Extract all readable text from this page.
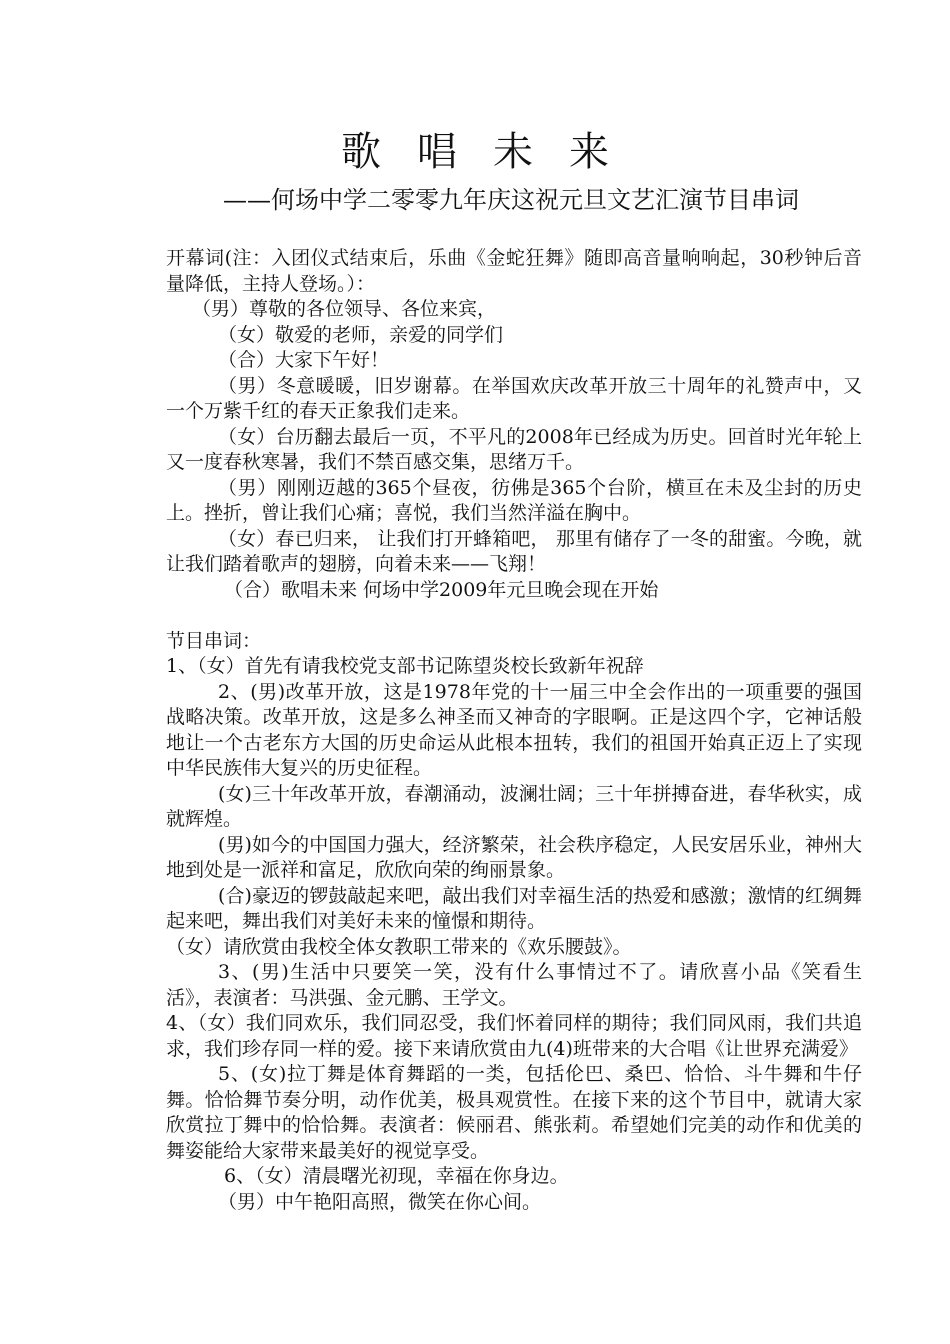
歌唱未来
——何场中学二零零九年庆这祝元旦文艺汇演节目串词

开幕词(注：入团仪式结束后，乐曲《金蛇狂舞》随即高音量响响起，30秒钟后音量降低，主持人登场。）：

（男）尊敬的各位领导、各位来宾，

（女）敬爱的老师，亲爱的同学们

（合）大家下午好！

（男）冬意暖暖，旧岁谢幕。在举国欢庆改革开放三十周年的礼赞声中，又一个万紫千红的春天正象我们走来。

（女）台历翻去最后一页，不平凡的2008年已经成为历史。回首时光年轮上又一度春秋寒暑，我们不禁百感交集，思绪万千。

（男）刚刚迈越的365个昼夜，彷佛是365个台阶，横亘在未及尘封的历史上。挫折，曾让我们心痛；喜悦，我们当然洋溢在胸中。

（女）春已归来， 让我们打开蜂箱吧， 那里有储存了一冬的甜蜜。今晚，就让我们踏着歌声的翅膀，向着未来——飞翔！

（合）歌唱未来 何场中学2009年元旦晚会现在开始

节目串词：

1、（女）首先有请我校党支部书记陈望炎校长致新年祝辞

2、(男)改革开放，这是1978年党的十一届三中全会作出的一项重要的强国战略决策。改革开放，这是多么神圣而又神奇的字眼啊。正是这四个字，它神话般地让一个古老东方大国的历史命运从此根本扭转，我们的祖国开始真正迈上了实现中华民族伟大复兴的历史征程。

(女)三十年改革开放，春潮涌动，波澜壮阔；三十年拼搏奋进，春华秋实，成就辉煌。

(男)如今的中国国力强大，经济繁荣，社会秩序稳定，人民安居乐业，神州大地到处是一派祥和富足，欣欣向荣的绚丽景象。

(合)豪迈的锣鼓敲起来吧，敲出我们对幸福生活的热爱和感激；激情的红绸舞起来吧，舞出我们对美好未来的憧憬和期待。

（女）请欣赏由我校全体女教职工带来的《欢乐腰鼓》。

3、(男)生活中只要笑一笑，没有什么事情过不了。请欣喜小品《笑看生活》，表演者：马洪强、金元鹏、王学文。

4、（女）我们同欢乐，我们同忍受，我们怀着同样的期待；我们同风雨，我们共追求，我们珍存同一样的爱。接下来请欣赏由九(4)班带来的大合唱《让世界充满爱》

5、(女)拉丁舞是体育舞蹈的一类，包括伦巴、桑巴、恰恰、斗牛舞和牛仔舞。恰恰舞节奏分明，动作优美，极具观赏性。在接下来的这个节目中，就请大家欣赏拉丁舞中的恰恰舞。表演者：候丽君、熊张莉。希望她们完美的动作和优美的舞姿能给大家带来最美好的视觉享受。

6、（女）清晨曙光初现，幸福在你身边。

（男）中午艳阳高照，微笑在你心间。
